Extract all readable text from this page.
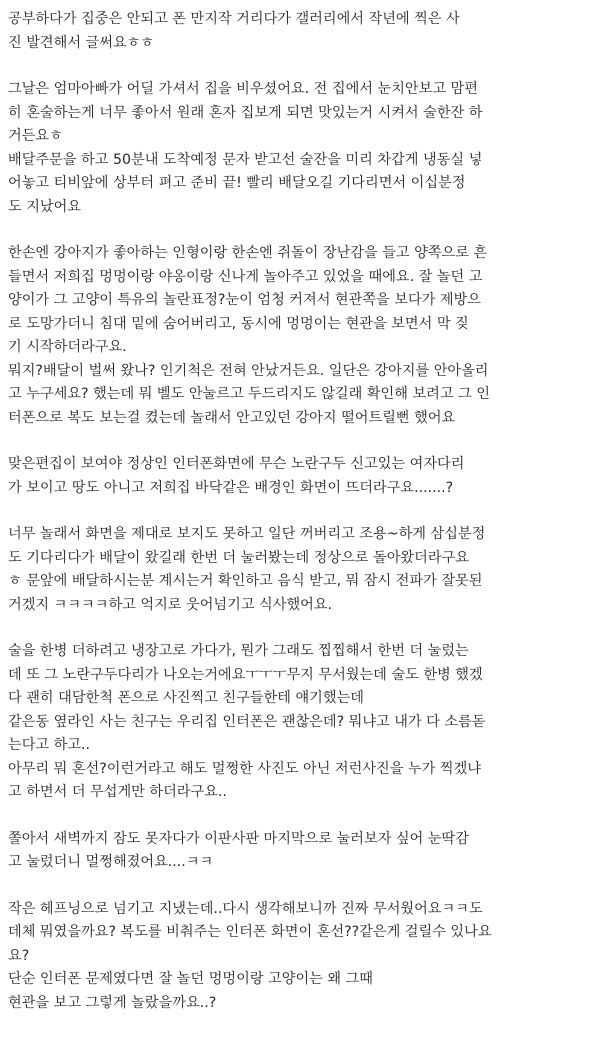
공부하다가 집중은 안되고 폰 만지작 거리다가 갤러리에서 작년에 찍은 사
진 발견해서 글써요ㅎㅎ
그날은 엄마아빠가 어딜 가셔서 집을 비우셨어요. 전 집에서 눈치안보고 맘편
히 혼술하는게 너무 좋아서 원래 혼자 집보게 되면 맛있는거 시켜서 술한잔 하
거든요ㅎ
배달주문을 하고 50분내 도착예정 문자 받고선 술잔을 미리 차갑게 냉동실 넣
어놓고 티비앞에 상부터 펴고 준비 끝! 빨리 배달오길 기다리면서 이십분정
도 지났어요
한손엔 강아지가 좋아하는 인형이랑 한손엔 쥐돌이 장난감을 들고 양쪽으로 흔
들면서 저희집 멍멍이랑 야옹이랑 신나게 놀아주고 있었을 때에요. 잘 놀던 고
양이가 그 고양이 특유의 놀란표정?눈이 엄청 커져서 현관쪽을 보다가 제방으
로 도망가더니 침대 밑에 숨어버리고, 동시에 멍멍이는 현관을 보면서 막 짖
기 시작하더라구요.
뭐지?배달이 벌써 왔나? 인기척은 전혀 안났거든요. 일단은 강아지를 안아올리
고 누구세요? 했는데 뭐 벨도 안눌르고 두드리지도 않길래 확인해 보려고 그 인
터폰으로 복도 보는걸 켰는데 놀래서 안고있던 강아지 떨어트릴뻔 했어요
맞은편집이 보여야 정상인 인터폰화면에 무슨 노란구두 신고있는 여자다리
가 보이고 땅도 아니고 저희집 바닥같은 배경인 화면이 뜨더라구요.......?
너무 놀래서 화면을 제대로 보지도 못하고 일단 꺼버리고 조용~하게 삼십분정
도 기다리다가 배달이 왔길래 한번 더 눌러봤는데 정상으로 돌아왔더라구요
ㅎ 문앞에 배달하시는분 계시는거 확인하고 음식 받고, 뭐 잠시 전파가 잘못된
거겠지 ㅋㅋㅋㅋ하고 억지로 웃어넘기고 식사했어요.
술을 한병 더하려고 냉장고로 가다가, 뭔가 그래도 찝찝해서 한번 더 눌렀는
데 또 그 노란구두다리가 나오는거에요ㅜㅜㅜ무지 무서웠는데 술도 한병 했겠
다 괜히 대담한척 폰으로 사진찍고 친구들한테 얘기했는데
같은동 옆라인 사는 친구는 우리집 인터폰은 괜찮은데? 뭐냐고 내가 다 소름돋
는다고 하고..
아무리 뭐 혼선?이런거라고 해도 멀쩡한 사진도 아닌 저런사진을 누가 찍겠냐
고 하면서 더 무섭게만 하더라구요..
쫄아서 새벽까지 잠도 못자다가 이판사판 마지막으로 눌러보자 싶어 눈딱감
고 눌렀더니 멀쩡해졌어요....ㅋㅋ
작은 헤프닝으로 넘기고 지냈는데..다시 생각해보니까 진짜 무서웠어요ㅋㅋ도
데체 뭐였을까요? 복도를 비춰주는 인터폰 화면이 혼선??같은게 걸릴수 있나요
요?
단순 인터폰 문제였다면 잘 놀던 멍멍이랑 고양이는 왜 그때
현관을 보고 그렇게 놀랐을까요..?
